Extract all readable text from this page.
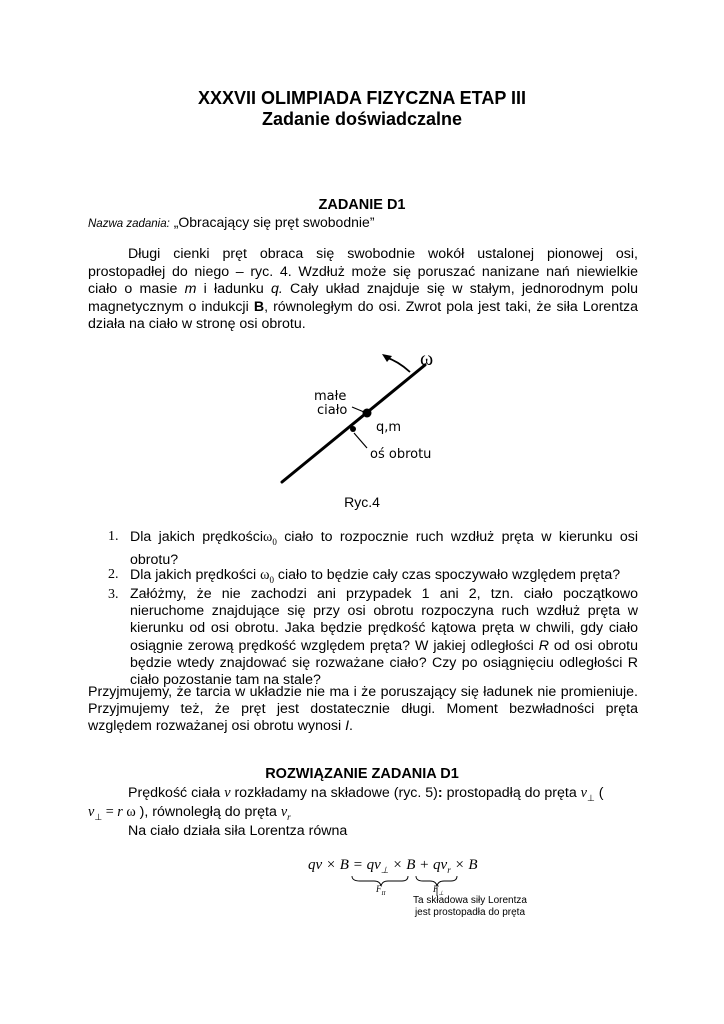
XXXVII OLIMPIADA FIZYCZNA ETAP III
Zadanie doświadczalne
ZADANIE D1
Nazwa zadania: „Obracający się pręt swobodnie”
Długi cienki pręt obraca się swobodnie wokół ustalonej pionowej osi, prostopadłej do niego – ryc. 4. Wzdłuż może się poruszać nanizane nań niewielkie ciało o masie m i ładunku q. Cały układ znajduje się w stałym, jednorodnym polu magnetycznym o indukcji B, równoległym do osi. Zwrot pola jest taki, że siła Lorentza działa na ciało w stronę osi obrotu.
ω
małe
ciało
q,m
oś obrotu
Ryc.4
1. Dla jakich prędkościω$_0$ ciało to rozpocznie ruch wzdłuż pręta w kierunku osi obrotu?
2. Dla jakich prędkości $\omega_0$ ciało to będzie cały czas spoczywało względem pręta?
3. Załóżmy, że nie zachodzi ani przypadek 1 ani 2, tzn. ciało początkowo nieruchome znajdujące się przy osi obrotu rozpoczyna ruch wzdłuż pręta w kierunku od osi obrotu. Jaka będzie prędkość kątowa pręta w chwili, gdy ciało osiągnie zerową prędkość względem pręta? W jakiej odległości R od osi obrotu będzie wtedy znajdować się rozważane ciało? Czy po osiągnięciu odległości R ciało pozostanie tam na stale?
Przyjmujemy, że tarcia w układzie nie ma i że poruszający się ładunek nie promieniuje. Przyjmujemy też, że pręt jest dostatecznie długi. Moment bezwładności pręta względem rozważanej osi obrotu wynosi I.
ROZWIĄZANIE ZADANIA D1
Prędkość ciała v rozkładamy na składowe (ryc. 5): prostopadłą do pręta $v_\perp$ (
$v_\perp = r$ ω ), równoległą do pręta $v_r$
Na ciało działa siła Lorentza równa
qv × $B = qv_\perp \times B + qv_r \times B$
$F_{II}$	$F_\perp$
Ta składowa siły Lorentza
jest prostopadła do pręta
